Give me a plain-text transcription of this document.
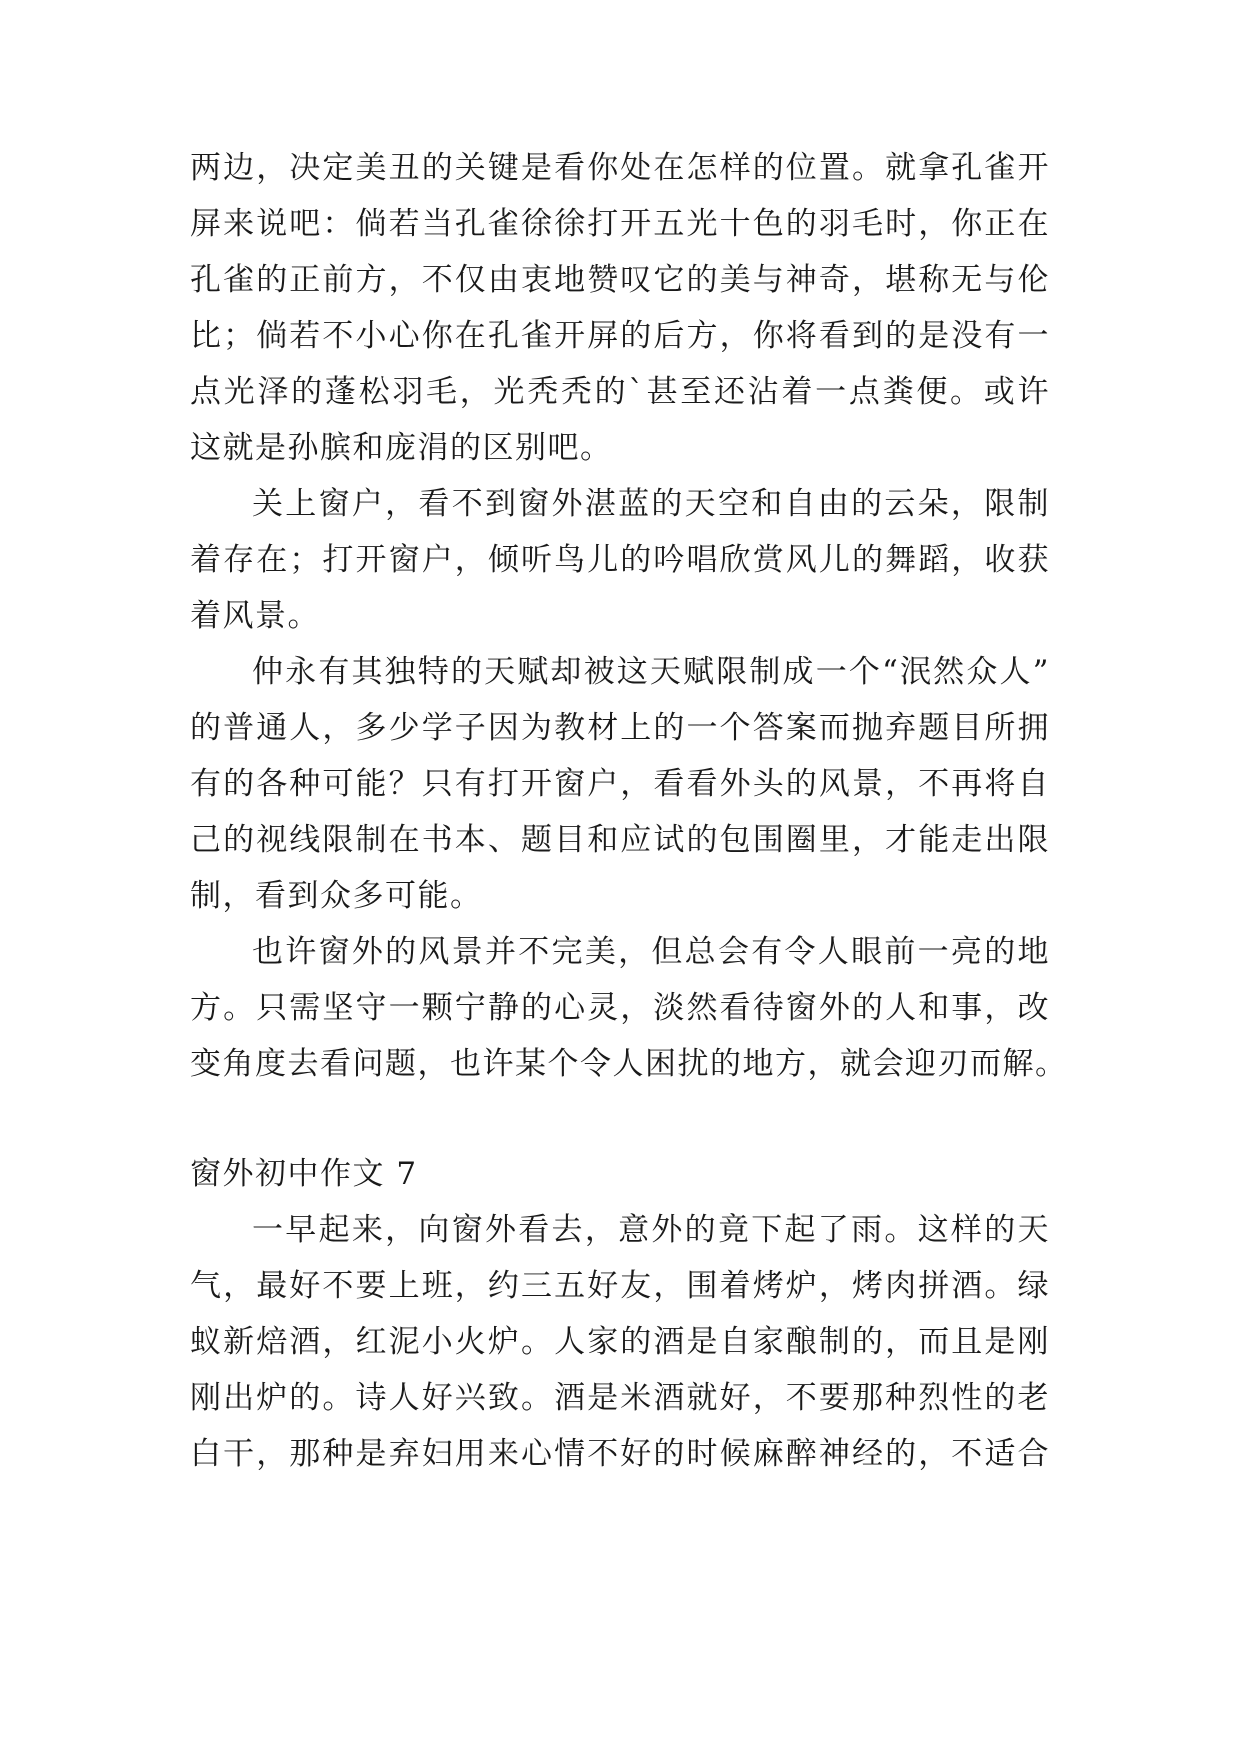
两边，决定美丑的关键是看你处在怎样的位置。就拿孔雀开
屏来说吧：倘若当孔雀徐徐打开五光十色的羽毛时，你正在
孔雀的正前方，不仅由衷地赞叹它的美与神奇，堪称无与伦
比；倘若不小心你在孔雀开屏的后方，你将看到的是没有一
点光泽的蓬松羽毛，光秃秃的`甚至还沾着一点粪便。或许
这就是孙膑和庞涓的区别吧。
关上窗户，看不到窗外湛蓝的天空和自由的云朵，限制
着存在；打开窗户，倾听鸟儿的吟唱欣赏风儿的舞蹈，收获
着风景。
仲永有其独特的天赋却被这天赋限制成一个“泯然众人”
的普通人，多少学子因为教材上的一个答案而抛弃题目所拥
有的各种可能？只有打开窗户，看看外头的风景，不再将自
己的视线限制在书本、题目和应试的包围圈里，才能走出限
制，看到众多可能。
也许窗外的风景并不完美，但总会有令人眼前一亮的地
方。只需坚守一颗宁静的心灵，淡然看待窗外的人和事，改
变角度去看问题，也许某个令人困扰的地方，就会迎刃而解。
窗外初中作文 7
一早起来，向窗外看去，意外的竟下起了雨。这样的天
气，最好不要上班，约三五好友，围着烤炉，烤肉拼酒。绿
蚁新焙酒，红泥小火炉。人家的酒是自家酿制的，而且是刚
刚出炉的。诗人好兴致。酒是米酒就好，不要那种烈性的老
白干，那种是弃妇用来心情不好的时候麻醉神经的，不适合
